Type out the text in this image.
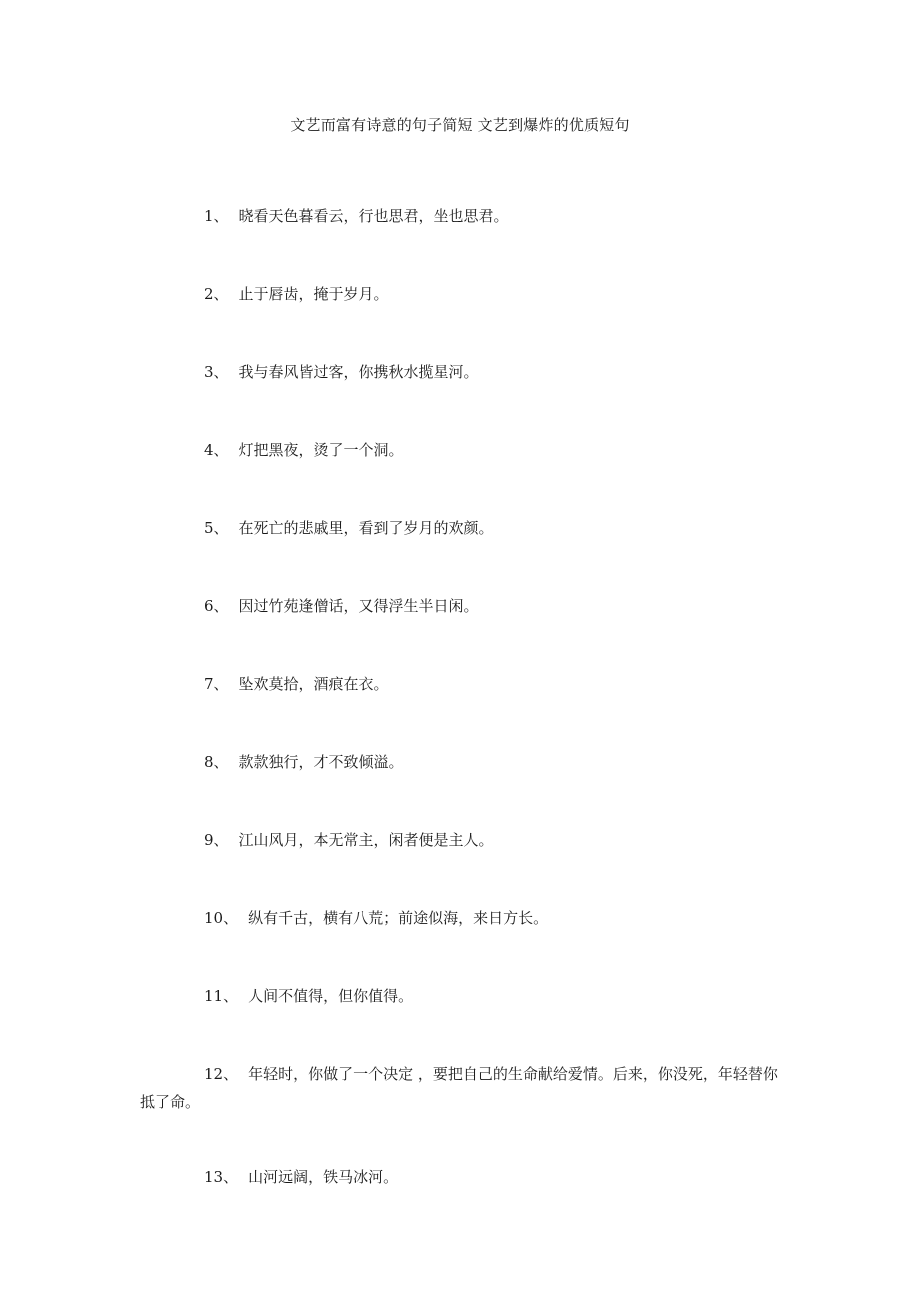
文艺而富有诗意的句子简短 文艺到爆炸的优质短句

1、 晓看天色暮看云，行也思君，坐也思君。

2、 止于唇齿，掩于岁月。

3、 我与春风皆过客，你携秋水揽星河。

4、 灯把黑夜，烫了一个洞。

5、 在死亡的悲戚里，看到了岁月的欢颜。

6、 因过竹苑逢僧话，又得浮生半日闲。

7、 坠欢莫拾，酒痕在衣。

8、 款款独行，才不致倾溢。

9、 江山风月，本无常主，闲者便是主人。

10、 纵有千古，横有八荒；前途似海，来日方长。

11、 人间不值得，但你值得。

12、 年轻时，你做了一个决定 ，要把自己的生命献给爱情。后来，你没死，年轻替你抵了命。

13、 山河远阔，铁马冰河。
